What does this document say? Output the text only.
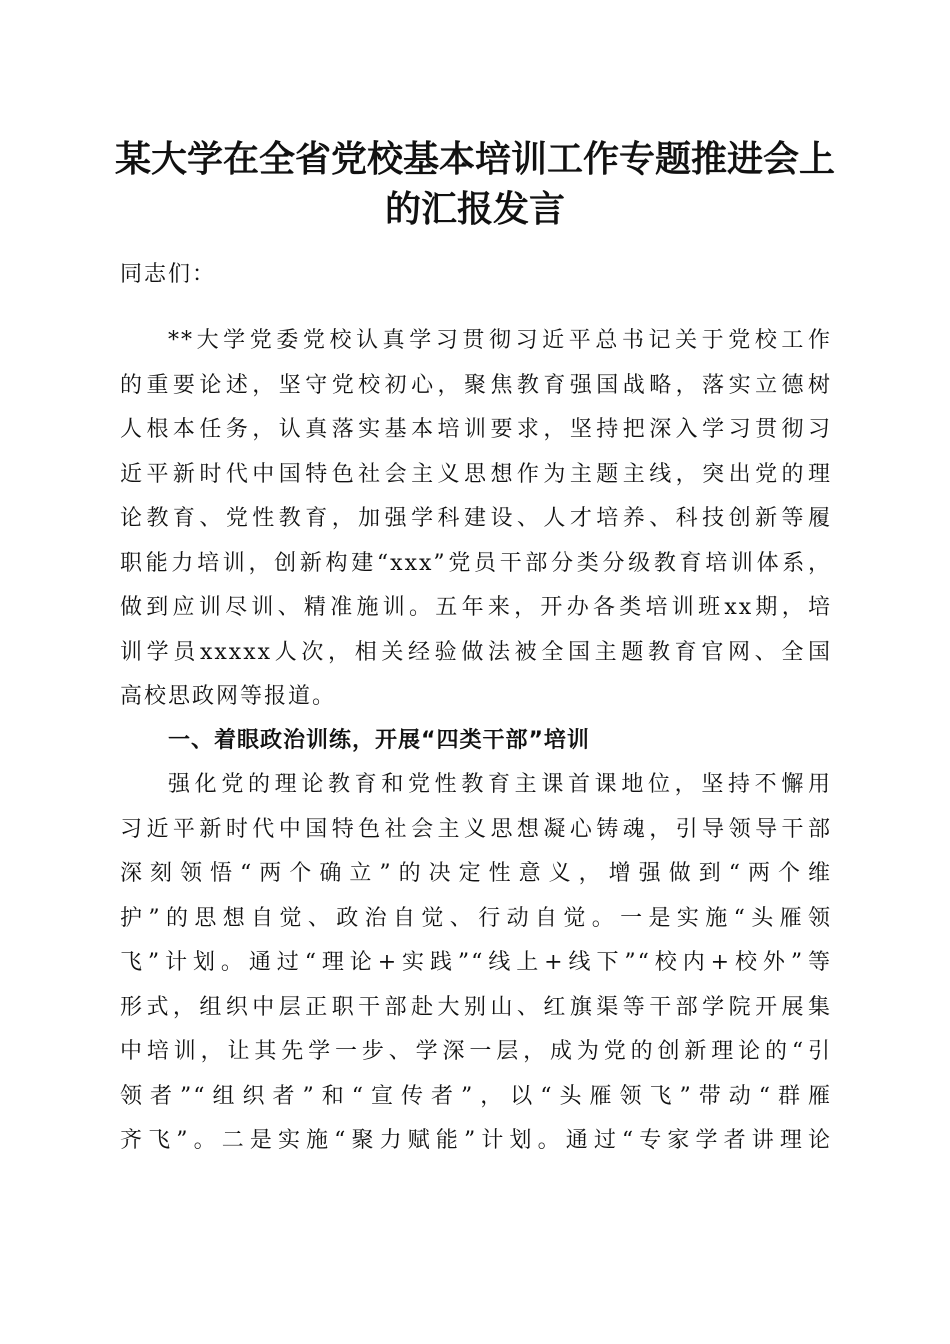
某大学在全省党校基本培训工作专题推进会上
的汇报发言

同志们：

**大学党委党校认真学习贯彻习近平总书记关于党校工作
的重要论述，坚守党校初心，聚焦教育强国战略，落实立德树
人根本任务，认真落实基本培训要求，坚持把深入学习贯彻习
近平新时代中国特色社会主义思想作为主题主线，突出党的理
论教育、党性教育，加强学科建设、人才培养、科技创新等履
职能力培训，创新构建“xxx”党员干部分类分级教育培训体系，
做到应训尽训、精准施训。五年来，开办各类培训班xx期，培
训学员xxxxx人次，相关经验做法被全国主题教育官网、全国
高校思政网等报道。
一、着眼政治训练，开展“四类干部”培训
强化党的理论教育和党性教育主课首课地位，坚持不懈用
习近平新时代中国特色社会主义思想凝心铸魂，引导领导干部
深刻领悟“两个确立”的决定性意义，增强做到“两个维
护”的思想自觉、政治自觉、行动自觉。一是实施“头雁领
飞”计划。通过“理论+实践”“线上+线下”“校内+校外”等
形式，组织中层正职干部赴大别山、红旗渠等干部学院开展集
中培训，让其先学一步、学深一层，成为党的创新理论的“引
领者”“组织者”和“宣传者”，以“头雁领飞”带动“群雁
齐飞”。二是实施“聚力赋能”计划。通过“专家学者讲理论
